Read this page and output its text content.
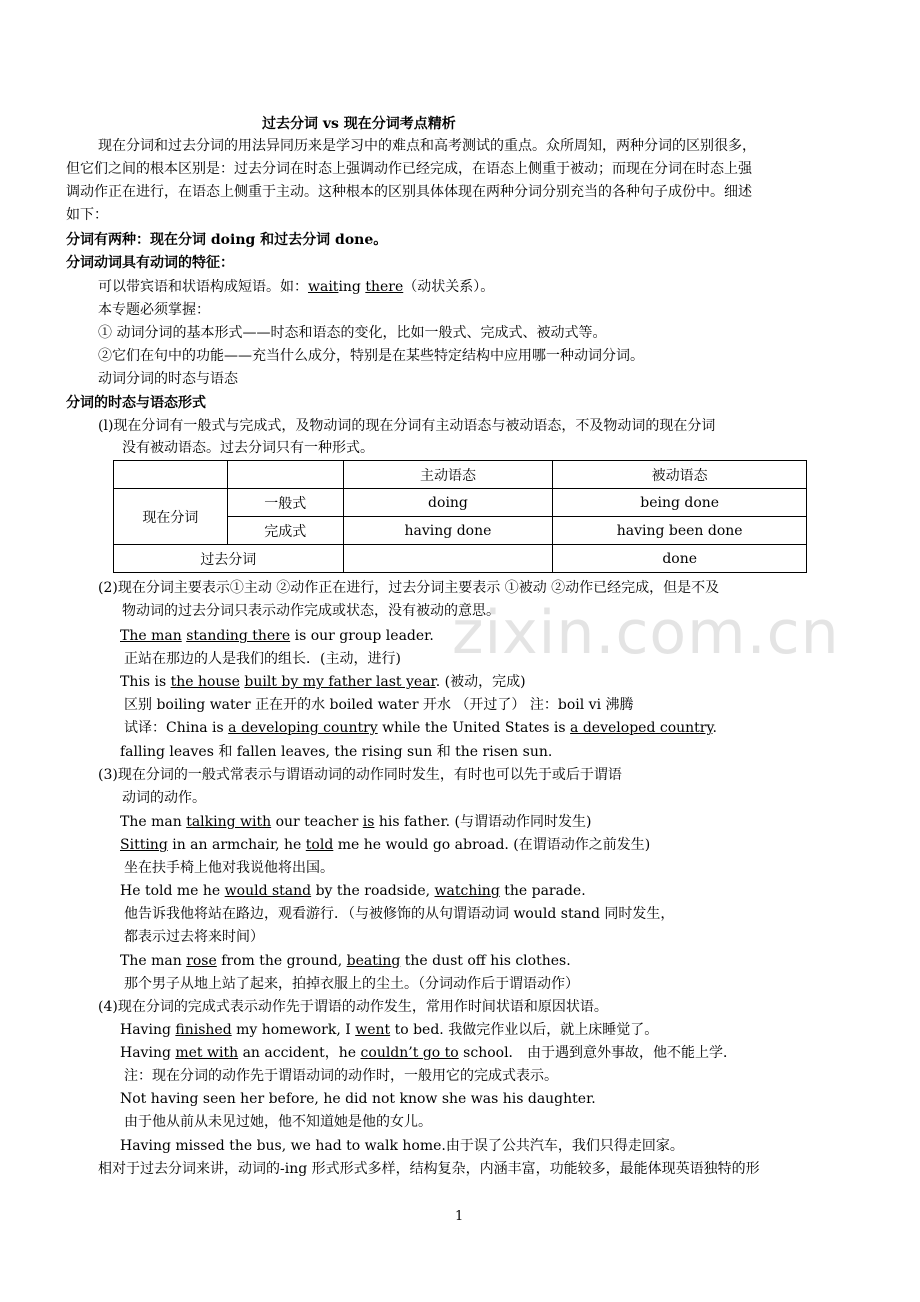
zixin.com.cn
过去分词 vs 现在分词考点精析
现在分词和过去分词的用法异同历来是学习中的难点和高考测试的重点。众所周知，两种分词的区别很多，
但它们之间的根本区别是：过去分词在时态上强调动作已经完成，在语态上侧重于被动；而现在分词在时态上强
调动作正在进行，在语态上侧重于主动。这种根本的区别具体体现在两种分词分别充当的各种句子成份中。细述
如下：
分词有两种：现在分词 doing 和过去分词 done。
分词动词具有动词的特征：
可以带宾语和状语构成短语。如：waiting there（动状关系）。
本专题必须掌握：
① 动词分词的基本形式——时态和语态的变化，比如一般式、完成式、被动式等。
②它们在句中的功能——充当什么成分，特别是在某些特定结构中应用哪一种动词分词。
动词分词的时态与语态
分词的时态与语态形式
(l)现在分词有一般式与完成式，及物动词的现在分词有主动语态与被动语态，不及物动词的现在分词
没有被动语态。过去分词只有一种形式。
		主动语态	被动语态
现在分词	一般式	doing	being done
	完成式	having done	having been done
过去分词			done
(2)现在分词主要表示①主动 ②动作正在进行，过去分词主要表示 ①被动 ②动作已经完成，但是不及
物动词的过去分词只表示动作完成或状态，没有被动的意思。
The man standing there is our group leader.
正站在那边的人是我们的组长．(主动，进行)
This is the house built by my father last year. (被动，完成)
区别 boiling water 正在开的水 boiled water 开水 （开过了） 注：boil vi 沸腾
试译：China is a developing country while the United States is a developed country.
falling leaves 和 fallen leaves, the rising sun 和 the risen sun.
(3)现在分词的一般式常表示与谓语动词的动作同时发生，有时也可以先于或后于谓语
动词的动作。
The man talking with our teacher is his father. (与谓语动作同时发生)
Sitting in an armchair, he told me he would go abroad. (在谓语动作之前发生)
坐在扶手椅上他对我说他将出国。
He told me he would stand by the roadside, watching the parade.
他告诉我他将站在路边，观看游行．（与被修饰的从句谓语动词 would stand 同时发生，
都表示过去将来时间）
The man rose from the ground, beating the dust off his clothes.
那个男子从地上站了起来，拍掉衣服上的尘土。（分词动作后于谓语动作）
(4)现在分词的完成式表示动作先于谓语的动作发生，常用作时间状语和原因状语。
Having finished my homework, I went to bed. 我做完作业以后，就上床睡觉了。
Having met with an accident，he couldn’t go to school． 由于遇到意外事故，他不能上学．
注：现在分词的动作先于谓语动词的动作时，一般用它的完成式表示。
Not having seen her before, he did not know she was his daughter.
由于他从前从未见过她，他不知道她是他的女儿。
Having missed the bus, we had to walk home.由于误了公共汽车，我们只得走回家。
相对于过去分词来讲，动词的-ing 形式形式多样，结构复杂，内涵丰富，功能较多，最能体现英语独特的形
1
